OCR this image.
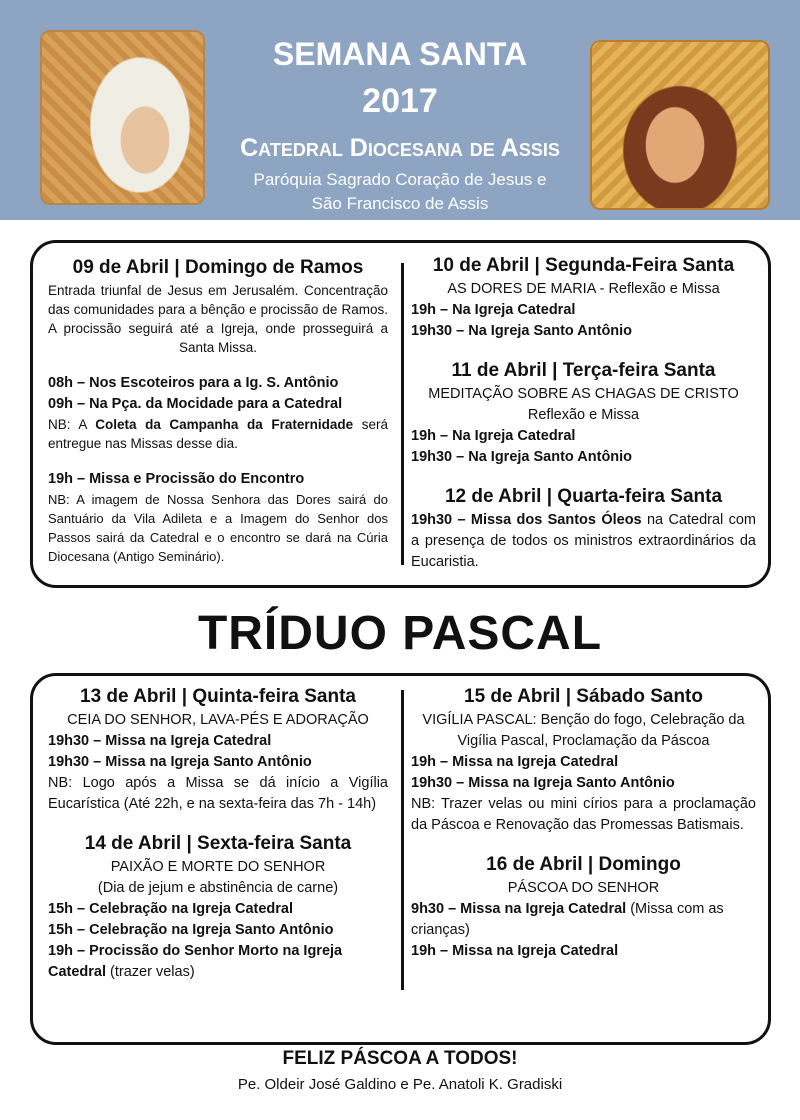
SEMANA SANTA

2017

Catedral Diocesana de Assis

Paróquia Sagrado Coração de Jesus e
São Francisco de Assis

09 de Abril | Domingo de Ramos

Entrada triunfal de Jesus em Jerusalém. Concentração das comunidades para a bênção e procissão de Ramos. A procissão seguirá até a Igreja, onde prosseguirá a Santa Missa.

08h – Nos Escoteiros para a Ig. S. Antônio

09h – Na Pça. da Mocidade para a Catedral

NB: A Coleta da Campanha da Fraternidade será entregue nas Missas desse dia.

19h – Missa e Procissão do Encontro

NB: A imagem de Nossa Senhora das Dores sairá do Santuário da Vila Adileta e a Imagem do Senhor dos Passos sairá da Catedral e o encontro se dará na Cúria Diocesana (Antigo Seminário).

10 de Abril | Segunda-Feira Santa

AS DORES DE MARIA - Reflexão e Missa

19h – Na Igreja Catedral

19h30 – Na Igreja Santo Antônio

11 de Abril | Terça-feira Santa

MEDITAÇÃO SOBRE AS CHAGAS DE CRISTO

Reflexão e Missa

19h – Na Igreja Catedral

19h30 – Na Igreja Santo Antônio

12 de Abril | Quarta-feira Santa

19h30 – Missa dos Santos Óleos na Catedral com a presença de todos os ministros extraordinários da Eucaristia.

TRÍDUO PASCAL

13 de Abril | Quinta-feira Santa

CEIA DO SENHOR, LAVA-PÉS E ADORAÇÃO

19h30 – Missa na Igreja Catedral

19h30 – Missa na Igreja Santo Antônio

NB: Logo após a Missa se dá início a Vigília Eucarística (Até 22h, e na sexta-feira das 7h - 14h)

14 de Abril | Sexta-feira Santa

PAIXÃO E MORTE DO SENHOR

(Dia de jejum e abstinência de carne)

15h – Celebração na Igreja Catedral

15h – Celebração na Igreja Santo Antônio

19h – Procissão do Senhor Morto na Igreja Catedral (trazer velas)

15 de Abril | Sábado Santo

VIGÍLIA PASCAL: Benção do fogo, Celebração da Vigília Pascal, Proclamação da Páscoa

19h – Missa na Igreja Catedral

19h30 – Missa na Igreja Santo Antônio

NB: Trazer velas ou mini círios para a proclamação da Páscoa e Renovação das Promessas Batismais.

16 de Abril | Domingo

PÁSCOA DO SENHOR

9h30 – Missa na Igreja Catedral (Missa com as crianças)

19h – Missa na Igreja Catedral

FELIZ PÁSCOA A TODOS!

Pe. Oldeir José Galdino e Pe. Anatoli K. Gradiski
